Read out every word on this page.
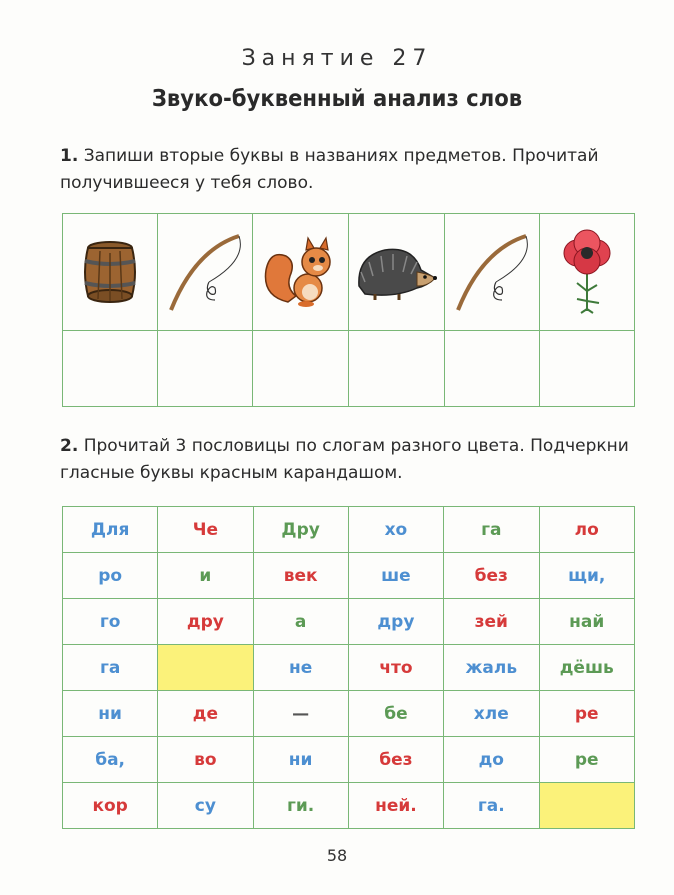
Занятие 27
Звуко-буквенный анализ слов
1. Запиши вторые буквы в названиях предметов. Прочитай получившееся у тебя слово.

2. Прочитай 3 пословицы по слогам разного цвета. Подчеркни гласные буквы красным карандашом.
Для	Че	Дру	хо	га	ло
ро	и	век	ше	без	щи,
го	дру	а	дру	зей	най
га		не	что	жаль	дёшь
ни	де	—	бе	хле	ре
ба,	во	ни	без	до	ре
кор	су	ги.	ней.	га.	
58
